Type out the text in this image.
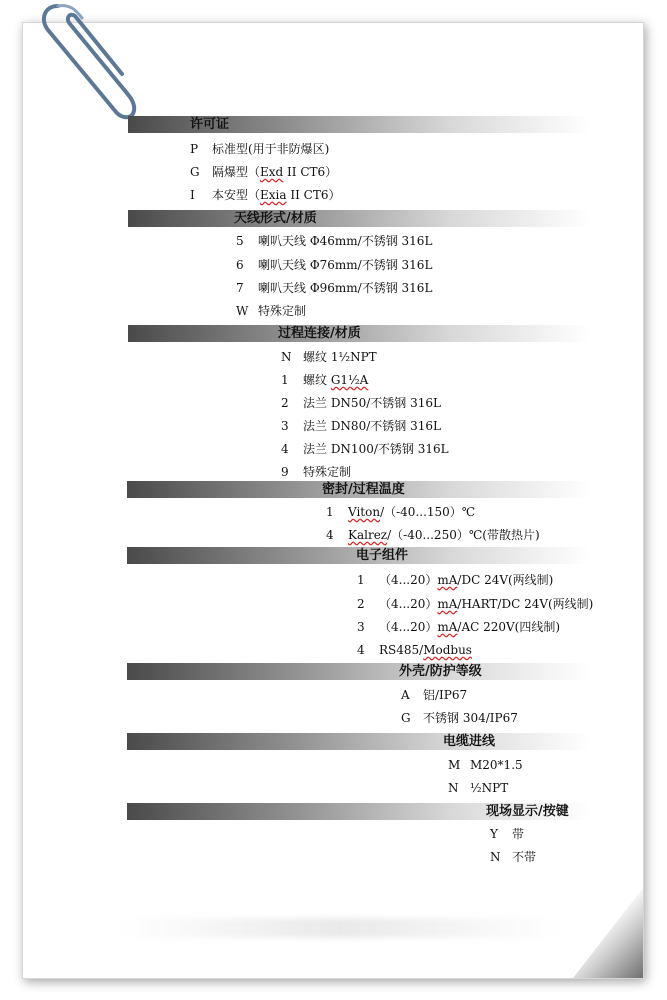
许可证
P 标准型(用于非防爆区)
G 隔爆型（Exd II CT6）
I 本安型（Exia II CT6）
天线形式/材质
5 喇叭天线 Φ46mm/不锈钢 316L
6 喇叭天线 Φ76mm/不锈钢 316L
7 喇叭天线 Φ96mm/不锈钢 316L
W 特殊定制
过程连接/材质
N 螺纹 1½NPT
1 螺纹 G1½A
2 法兰 DN50/不锈钢 316L
3 法兰 DN80/不锈钢 316L
4 法兰 DN100/不锈钢 316L
9 特殊定制
密封/过程温度
1 Viton/（-40...150）℃
4 Kalrez/（-40...250）℃(带散热片)
电子组件
1 （4...20）mA/DC 24V(两线制)
2 （4...20）mA/HART/DC 24V(两线制)
3 （4...20）mA/AC 220V(四线制)
4 RS485/Modbus
外壳/防护等级
A 铝/IP67
G 不锈钢 304/IP67
电缆进线
M M20*1.5
N ½NPT
现场显示/按键
Y 带
N 不带
